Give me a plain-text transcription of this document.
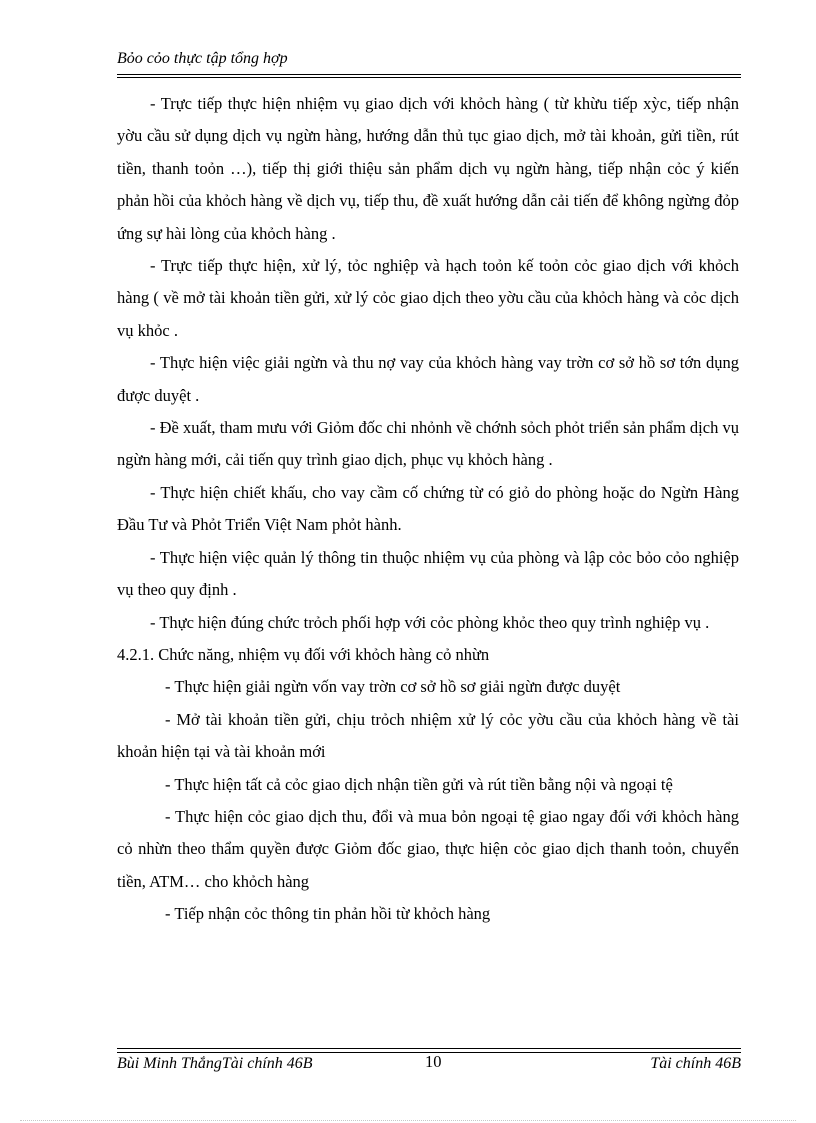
Bỏo cỏo thực tập tổng hợp

- Trực tiếp thực hiện nhiệm vụ giao dịch với khỏch hàng ( từ khừu tiếp xỳc, tiếp nhận yờu cầu sử dụng dịch vụ ngừn hàng, hướng dẫn thủ tục giao dịch, mở tài khoản, gửi tiền, rút tiền, thanh toỏn …), tiếp thị giới thiệu sản phẩm dịch vụ ngừn hàng, tiếp nhận cỏc ý kiến phản hồi của khỏch hàng về dịch vụ, tiếp thu, đề xuất hướng dẫn cải tiến để không ngừng đỏp ứng sự hài lòng của khỏch hàng .

- Trực tiếp thực hiện, xử lý, tỏc nghiệp và hạch toỏn kế toỏn cỏc giao dịch với khỏch hàng ( về mở tài khoản tiền gửi, xử lý cỏc giao dịch theo yờu cầu của khỏch hàng và cỏc dịch vụ khỏc .

- Thực hiện việc giải ngừn và thu nợ vay của khỏch hàng vay trờn cơ sở hồ sơ tớn dụng được duyệt .

- Đề xuất, tham mưu với Giỏm đốc chi nhỏnh về chớnh sỏch phỏt triển sản phẩm dịch vụ ngừn hàng mới, cải tiến quy trình giao dịch, phục vụ khỏch hàng .

- Thực hiện chiết khấu, cho vay cầm cố chứng từ có giỏ do phòng hoặc do Ngừn Hàng Đầu Tư và Phỏt Triển Việt Nam phỏt hành.

- Thực hiện việc quản lý thông tin thuộc nhiệm vụ của phòng và lập cỏc bỏo cỏo nghiệp vụ theo quy định .

- Thực hiện đúng chức trỏch phối hợp với cỏc phòng khỏc theo quy trình nghiệp vụ .

4.2.1. Chức năng, nhiệm vụ đối với khỏch hàng cỏ nhừn

- Thực hiện giải ngừn vốn vay trờn cơ sở hồ sơ giải ngừn được duyệt

- Mở tài khoản tiền gửi, chịu trỏch nhiệm xử lý cỏc yờu cầu của khỏch hàng về tài khoản hiện tại và tài khoản mới

- Thực hiện tất cả cỏc giao dịch nhận tiền gửi và rút tiền bằng nội và ngoại tệ

- Thực hiện cỏc giao dịch thu, đổi và mua bỏn ngoại tệ giao ngay đối với khỏch hàng cỏ nhừn theo thẩm quyền được Giỏm đốc giao, thực hiện cỏc giao dịch thanh toỏn, chuyển tiền, ATM… cho khỏch hàng

- Tiếp nhận cỏc thông tin phản hồi từ khỏch hàng

Bùi Minh ThắngTài chính 46B	10	Tài chính 46B
